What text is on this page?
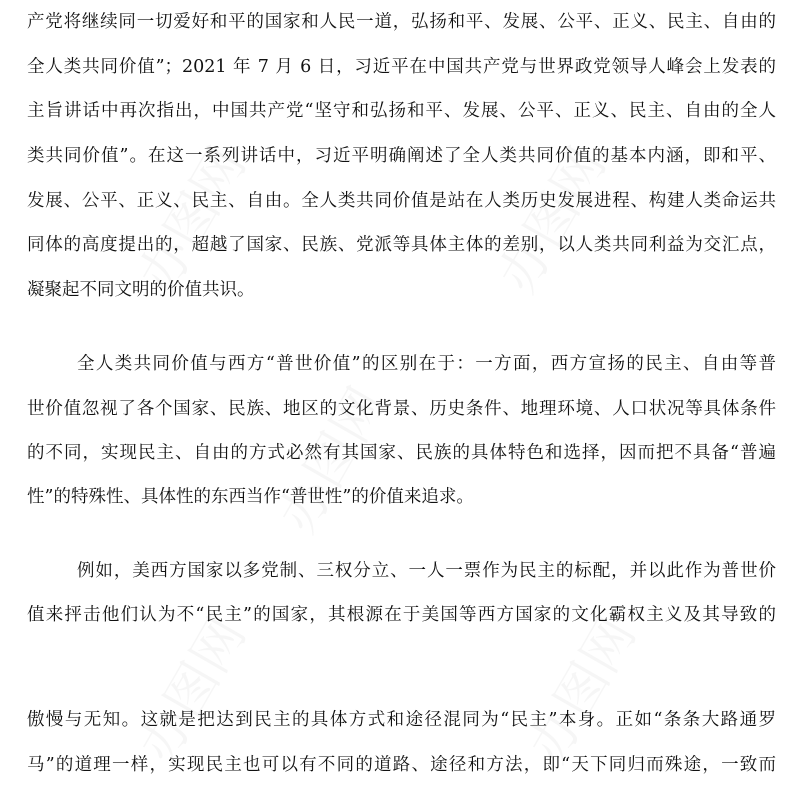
产党将继续同一切爱好和平的国家和人民一道，弘扬和平、发展、公平、正义、民主、自由的
全人类共同价值”；2021 年 7 月 6 日，习近平在中国共产党与世界政党领导人峰会上发表的
主旨讲话中再次指出，中国共产党“坚守和弘扬和平、发展、公平、正义、民主、自由的全人
类共同价值”。在这一系列讲话中，习近平明确阐述了全人类共同价值的基本内涵，即和平、
发展、公平、正义、民主、自由。全人类共同价值是站在人类历史发展进程、构建人类命运共
同体的高度提出的，超越了国家、民族、党派等具体主体的差别，以人类共同利益为交汇点，
凝聚起不同文明的价值共识。
全人类共同价值与西方“普世价值”的区别在于：一方面，西方宣扬的民主、自由等普
世价值忽视了各个国家、民族、地区的文化背景、历史条件、地理环境、人口状况等具体条件
的不同，实现民主、自由的方式必然有其国家、民族的具体特色和选择，因而把不具备“普遍
性”的特殊性、具体性的东西当作“普世性”的价值来追求。
例如，美西方国家以多党制、三权分立、一人一票作为民主的标配，并以此作为普世价
值来抨击他们认为不“民主”的国家，其根源在于美国等西方国家的文化霸权主义及其导致的
傲慢与无知。这就是把达到民主的具体方式和途径混同为“民主”本身。正如“条条大路通罗
马”的道理一样，实现民主也可以有不同的道路、途径和方法，即“天下同归而殊途，一致而
